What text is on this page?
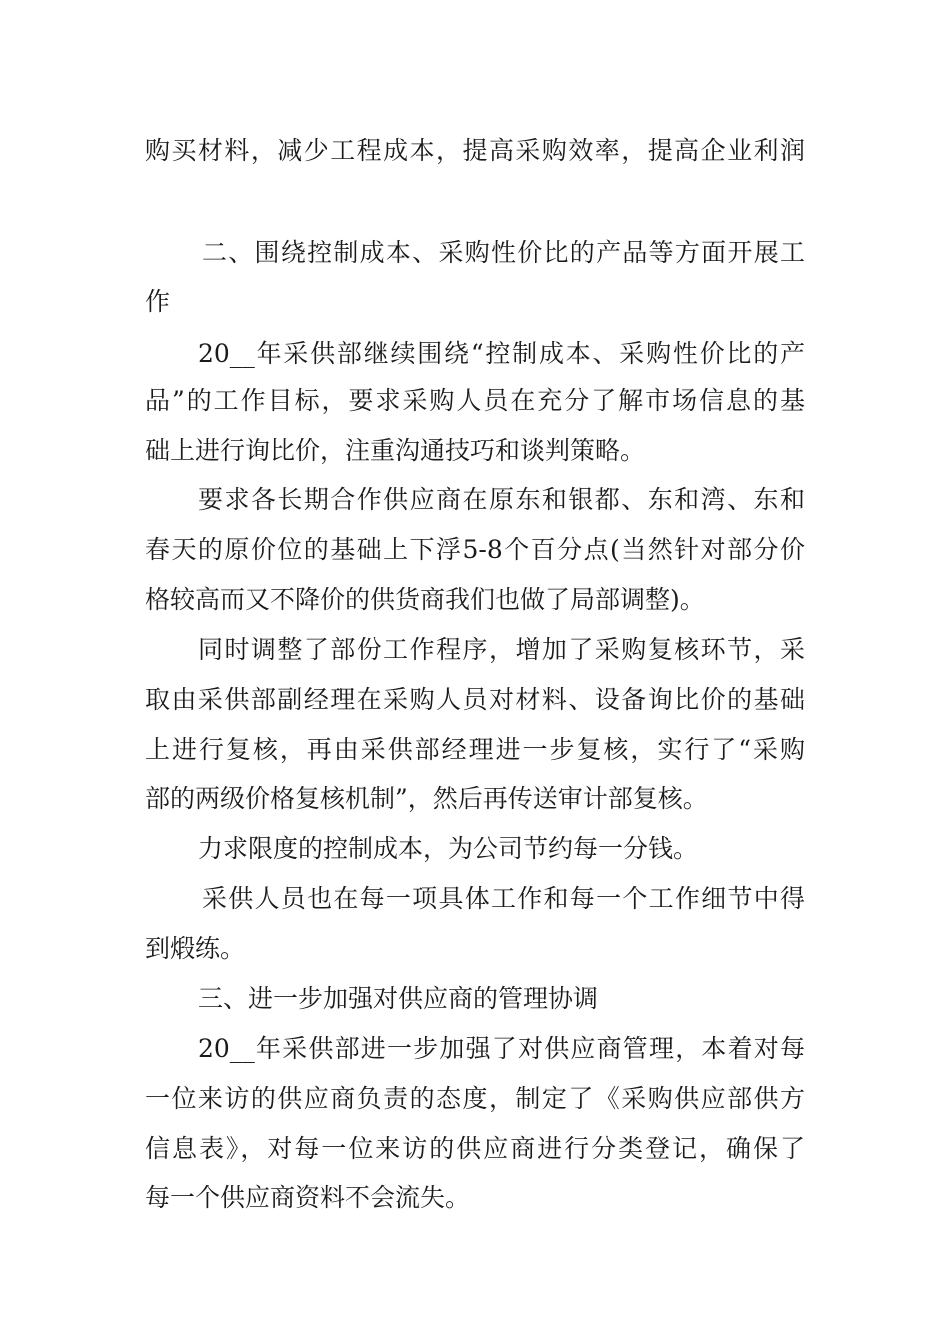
购买材料，减少工程成本，提高采购效率，提高企业利润
二、围绕控制成本、采购性价比的产品等方面开展工
作
20__年采供部继续围绕“控制成本、采购性价比的产
品”的工作目标，要求采购人员在充分了解市场信息的基
础上进行询比价，注重沟通技巧和谈判策略。
要求各长期合作供应商在原东和银都、东和湾、东和
春天的原价位的基础上下浮5-8个百分点(当然针对部分价
格较高而又不降价的供货商我们也做了局部调整)。
同时调整了部份工作程序，增加了采购复核环节，采
取由采供部副经理在采购人员对材料、设备询比价的基础
上进行复核，再由采供部经理进一步复核，实行了“采购
部的两级价格复核机制”，然后再传送审计部复核。
力求限度的控制成本，为公司节约每一分钱。
采供人员也在每一项具体工作和每一个工作细节中得
到煅练。
三、进一步加强对供应商的管理协调
20__年采供部进一步加强了对供应商管理，本着对每
一位来访的供应商负责的态度，制定了《采购供应部供方
信息表》，对每一位来访的供应商进行分类登记，确保了
每一个供应商资料不会流失。
